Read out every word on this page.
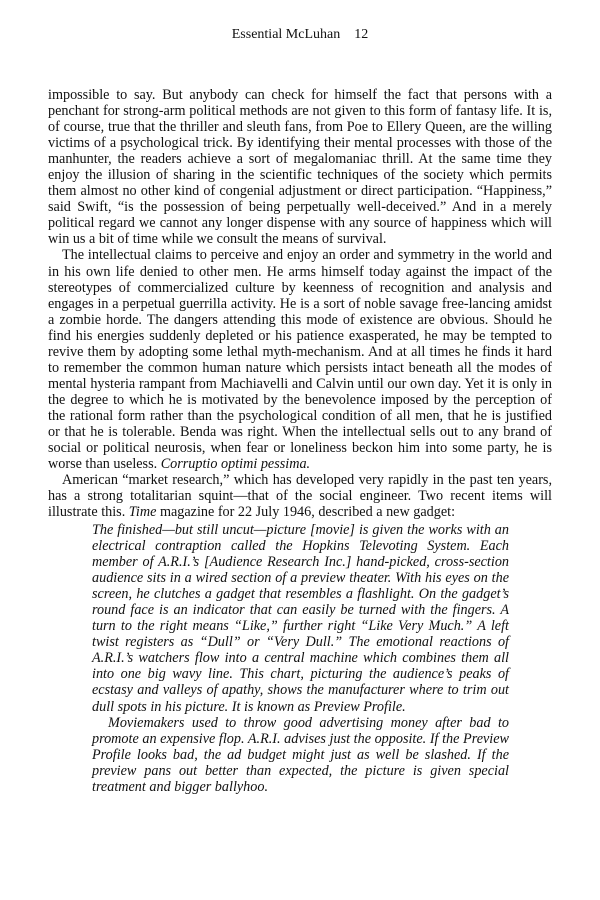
Essential McLuhan 12

impossible to say. But anybody can check for himself the fact that persons with a penchant for strong-arm political methods are not given to this form of fantasy life. It is, of course, true that the thriller and sleuth fans, from Poe to Ellery Queen, are the willing victims of a psychological trick. By identifying their mental processes with those of the manhunter, the readers achieve a sort of megalomaniac thrill. At the same time they enjoy the illusion of sharing in the scientific techniques of the society which permits them almost no other kind of congenial adjustment or direct participation. “Happiness,” said Swift, “is the possession of being perpetually well-deceived.” And in a merely political regard we cannot any longer dispense with any source of happiness which will win us a bit of time while we consult the means of survival.

The intellectual claims to perceive and enjoy an order and symmetry in the world and in his own life denied to other men. He arms himself today against the impact of the stereotypes of commercialized culture by keenness of recognition and analysis and engages in a perpetual guerrilla activity. He is a sort of noble savage free-lancing amidst a zombie horde. The dangers attending this mode of existence are obvious. Should he find his energies suddenly depleted or his patience exasperated, he may be tempted to revive them by adopting some lethal myth-mechanism. And at all times he finds it hard to remember the common human nature which persists intact beneath all the modes of mental hysteria rampant from Machiavelli and Calvin until our own day. Yet it is only in the degree to which he is motivated by the benevolence imposed by the perception of the rational form rather than the psychological condition of all men, that he is justified or that he is tolerable. Benda was right. When the intellectual sells out to any brand of social or political neurosis, when fear or loneliness beckon him into some party, he is worse than useless. Corruptio optimi pessima.

American “market research,” which has developed very rapidly in the past ten years, has a strong totalitarian squint—that of the social engineer. Two recent items will illustrate this. Time magazine for 22 July 1946, described a new gadget:

The finished—but still uncut—picture [movie] is given the works with an electrical contraption called the Hopkins Televoting System. Each member of A.R.I.’s [Audience Research Inc.] hand-picked, cross-section audience sits in a wired section of a preview theater. With his eyes on the screen, he clutches a gadget that resembles a flashlight. On the gadget’s round face is an indicator that can easily be turned with the fingers. A turn to the right means “Like,” further right “Like Very Much.” A left twist registers as “Dull” or “Very Dull.” The emotional reactions of A.R.I.’s watchers flow into a central machine which combines them all into one big wavy line. This chart, picturing the audience’s peaks of ecstasy and valleys of apathy, shows the manufacturer where to trim out dull spots in his picture. It is known as Preview Profile.

Moviemakers used to throw good advertising money after bad to promote an expensive flop. A.R.I. advises just the opposite. If the Preview Profile looks bad, the ad budget might just as well be slashed. If the preview pans out better than expected, the picture is given special treatment and bigger ballyhoo.
